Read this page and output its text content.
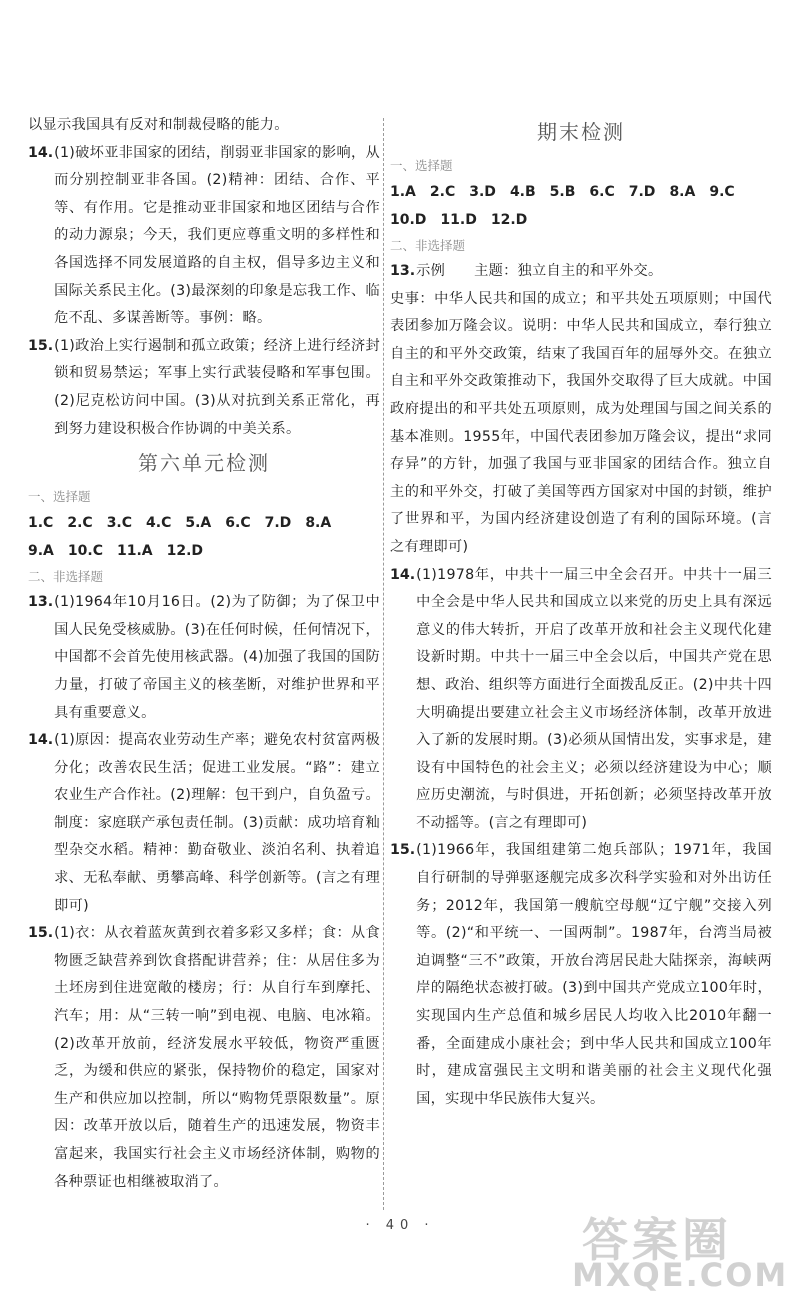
以显示我国具有反对和制裁侵略的能力。

14. (1)破坏亚非国家的团结，削弱亚非国家的影响，从而分别控制亚非各国。(2)精神：团结、合作、平等、有作用。它是推动亚非国家和地区团结与合作的动力源泉；今天，我们更应尊重文明的多样性和各国选择不同发展道路的自主权，倡导多边主义和国际关系民主化。(3)最深刻的印象是忘我工作、临危不乱、多谋善断等。事例：略。

15. (1)政治上实行遏制和孤立政策；经济上进行经济封锁和贸易禁运；军事上实行武装侵略和军事包围。(2)尼克松访问中国。(3)从对抗到关系正常化，再到努力建设积极合作协调的中美关系。

第六单元检测
一、选择题
1.C 2.C 3.C 4.C 5.A 6.C 7.D 8.A
9.A 10.C 11.A 12.D
二、非选择题
13. (1)1964年10月16日。(2)为了防御；为了保卫中国人民免受核威胁。(3)在任何时候，任何情况下，中国都不会首先使用核武器。(4)加强了我国的国防力量，打破了帝国主义的核垄断，对维护世界和平具有重要意义。

14. (1)原因：提高农业劳动生产率；避免农村贫富两极分化；改善农民生活；促进工业发展。“路”：建立农业生产合作社。(2)理解：包干到户，自负盈亏。制度：家庭联产承包责任制。(3)贡献：成功培育籼型杂交水稻。精神：勤奋敬业、淡泊名利、执着追求、无私奉献、勇攀高峰、科学创新等。(言之有理即可)

15. (1)衣：从衣着蓝灰黄到衣着多彩又多样；食：从食物匮乏缺营养到饮食搭配讲营养；住：从居住多为土坯房到住进宽敞的楼房；行：从自行车到摩托、汽车；用：从“三转一响”到电视、电脑、电冰箱。(2)改革开放前，经济发展水平较低，物资严重匮乏，为缓和供应的紧张，保持物价的稳定，国家对生产和供应加以控制，所以“购物凭票限数量”。原因：改革开放以后，随着生产的迅速发展，物资丰富起来，我国实行社会主义市场经济体制，购物的各种票证也相继被取消了。

期末检测
一、选择题
1.A 2.C 3.D 4.B 5.B 6.C 7.D 8.A 9.C
10.D 11.D 12.D
二、非选择题
13. 示例　　主题：独立自主的和平外交。

史事：中华人民共和国的成立；和平共处五项原则；中国代表团参加万隆会议。说明：中华人民共和国成立，奉行独立自主的和平外交政策，结束了我国百年的屈辱外交。在独立自主和平外交政策推动下，我国外交取得了巨大成就。中国政府提出的和平共处五项原则，成为处理国与国之间关系的基本准则。1955年，中国代表团参加万隆会议，提出“求同存异”的方针，加强了我国与亚非国家的团结合作。独立自主的和平外交，打破了美国等西方国家对中国的封锁，维护了世界和平，为国内经济建设创造了有利的国际环境。(言之有理即可)

14. (1)1978年，中共十一届三中全会召开。中共十一届三中全会是中华人民共和国成立以来党的历史上具有深远意义的伟大转折，开启了改革开放和社会主义现代化建设新时期。中共十一届三中全会以后，中国共产党在思想、政治、组织等方面进行全面拨乱反正。(2)中共十四大明确提出要建立社会主义市场经济体制，改革开放进入了新的发展时期。(3)必须从国情出发，实事求是，建设有中国特色的社会主义；必须以经济建设为中心；顺应历史潮流，与时俱进，开拓创新；必须坚持改革开放不动摇等。(言之有理即可)

15. (1)1966年，我国组建第二炮兵部队；1971年，我国自行研制的导弹驱逐舰完成多次科学实验和对外出访任务；2012年，我国第一艘航空母舰“辽宁舰”交接入列等。(2)“和平统一、一国两制”。1987年，台湾当局被迫调整“三不”政策，开放台湾居民赴大陆探亲，海峡两岸的隔绝状态被打破。(3)到中国共产党成立100年时，实现国内生产总值和城乡居民人均收入比2010年翻一番，全面建成小康社会；到中华人民共和国成立100年时，建成富强民主文明和谐美丽的社会主义现代化强国，实现中华民族伟大复兴。

· 40 ·	答案圈
MXQE.COM
